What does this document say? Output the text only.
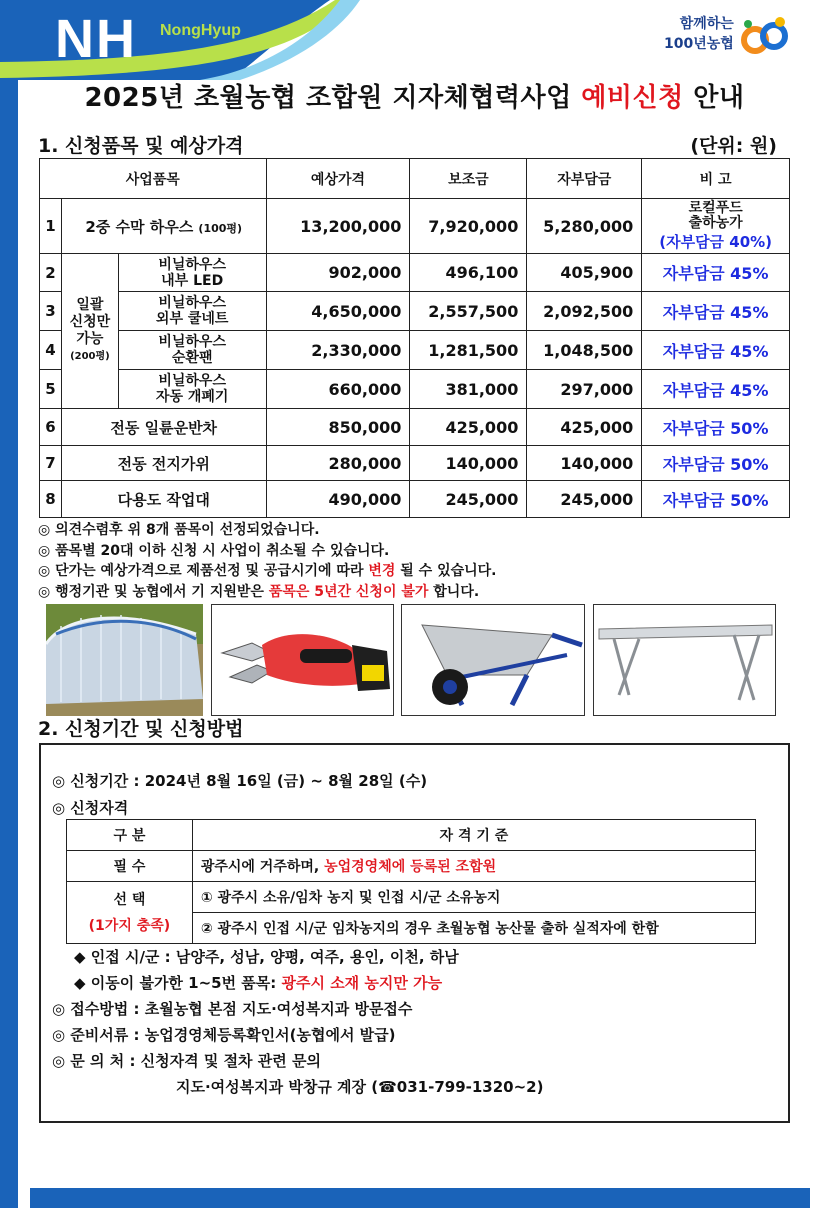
NH NongHyup	함께하는
100년농협
2025년 초월농협 조합원 지자체협력사업 예비신청 안내
1. 신청품목 및 예상가격	(단위: 원)
사업품목			예상가격	보조금	자부담금	비 고
1	2중 수막 하우스 (100평)		13,200,000	7,920,000	5,280,000	로컬푸드
출하농가
(자부담금 40%)
2	일괄
신청만
가능
(200평)	비닐하우스
내부 LED	902,000	496,100	405,900	자부담금 45%
3		비닐하우스
외부 쿨네트	4,650,000	2,557,500	2,092,500	자부담금 45%
4		비닐하우스
순환팬	2,330,000	1,281,500	1,048,500	자부담금 45%
5		비닐하우스
자동 개폐기	660,000	381,000	297,000	자부담금 45%
6	전동 일륜운반차		850,000	425,000	425,000	자부담금 50%
7	전동 전지가위		280,000	140,000	140,000	자부담금 50%
8	다용도 작업대		490,000	245,000	245,000	자부담금 50%
◎ 의견수렴후 위 8개 품목이 선정되었습니다.
◎ 품목별 20대 이하 신청 시 사업이 취소될 수 있습니다.
◎ 단가는 예상가격으로 제품선정 및 공급시기에 따라 변경 될 수 있습니다.
◎ 행정기관 및 농협에서 기 지원받은 품목은 5년간 신청이 불가 합니다.
2. 신청기간 및 신청방법
◎ 신청기간 : 2024년 8월 16일 (금) ~ 8월 28일 (수)
◎ 신청자격
구 분	자 격 기 준
필 수	광주시에 거주하며, 농업경영체에 등록된 조합원

선 택
(1가지 충족)	① 광주시 소유/임차 농지 및 인접 시/군 소유농지
	② 광주시 인접 시/군 임차농지의 경우 초월농협 농산물 출하 실적자에 한함
◆ 인접 시/군 : 남양주, 성남, 양평, 여주, 용인, 이천, 하남
◆ 이동이 불가한 1~5번 품목: 광주시 소재 농지만 가능
◎ 접수방법 : 초월농협 본점 지도·여성복지과 방문접수
◎ 준비서류 : 농업경영체등록확인서(농협에서 발급)
◎ 문 의 처 : 신청자격 및 절차 관련 문의
지도·여성복지과 박창규 계장 (☎031-799-1320~2)
